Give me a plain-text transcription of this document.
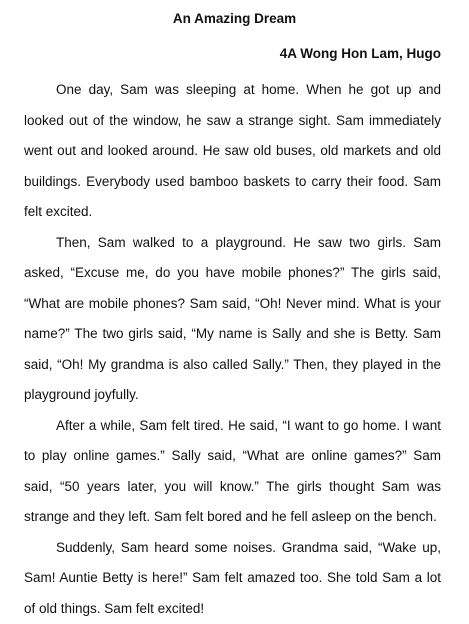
An Amazing Dream
4A Wong Hon Lam, Hugo

One day, Sam was sleeping at home. When he got up and looked out of the window, he saw a strange sight. Sam immediately went out and looked around. He saw old buses, old markets and old buildings. Everybody used bamboo baskets to carry their food. Sam felt excited.

Then, Sam walked to a playground. He saw two girls. Sam asked, “Excuse me, do you have mobile phones?” The girls said, “What are mobile phones? Sam said, “Oh! Never mind. What is your name?” The two girls said, “My name is Sally and she is Betty. Sam said, “Oh! My grandma is also called Sally.” Then, they played in the playground joyfully.

After a while, Sam felt tired. He said, “I want to go home. I want to play online games.” Sally said, “What are online games?” Sam said, “50 years later, you will know.” The girls thought Sam was strange and they left. Sam felt bored and he fell asleep on the bench.

Suddenly, Sam heard some noises. Grandma said, “Wake up, Sam! Auntie Betty is here!” Sam felt amazed too. She told Sam a lot of old things. Sam felt excited!
